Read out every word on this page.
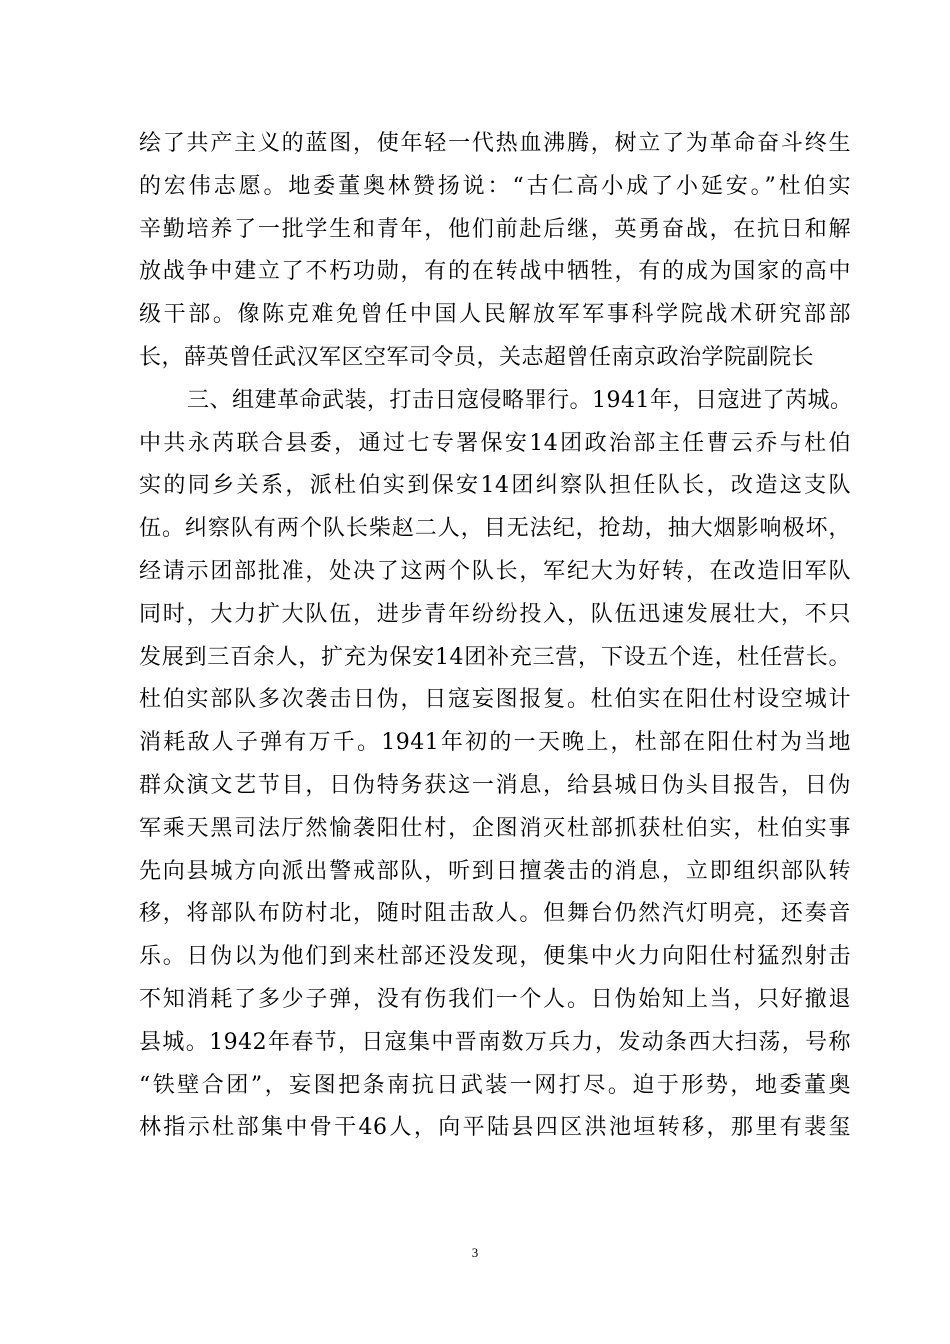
绘了共产主义的蓝图，使年轻一代热血沸腾，树立了为革命奋斗终生
的宏伟志愿。地委董奥林赞扬说：“古仁高小成了小延安。”杜伯实
辛勤培养了一批学生和青年，他们前赴后继，英勇奋战，在抗日和解
放战争中建立了不朽功勋，有的在转战中牺牲，有的成为国家的高中
级干部。像陈克难免曾任中国人民解放军军事科学院战术研究部部
长，薛英曾任武汉军区空军司令员，关志超曾任南京政治学院副院长
三、组建革命武装，打击日寇侵略罪行。1941年，日寇进了芮城。
中共永芮联合县委，通过七专署保安14团政治部主任曹云乔与杜伯
实的同乡关系，派杜伯实到保安14团纠察队担任队长，改造这支队
伍。纠察队有两个队长柴赵二人，目无法纪，抢劫，抽大烟影响极坏，
经请示团部批准，处决了这两个队长，军纪大为好转，在改造旧军队
同时，大力扩大队伍，进步青年纷纷投入，队伍迅速发展壮大，不只
发展到三百余人，扩充为保安14团补充三营，下设五个连，杜任营长。
杜伯实部队多次袭击日伪，日寇妄图报复。杜伯实在阳仕村设空城计
消耗敌人子弹有万千。1941年初的一天晚上，杜部在阳仕村为当地
群众演文艺节目，日伪特务获这一消息，给县城日伪头目报告，日伪
军乘天黑司法厅然愉袭阳仕村，企图消灭杜部抓获杜伯实，杜伯实事
先向县城方向派出警戒部队，听到日擅袭击的消息，立即组织部队转
移，将部队布防村北，随时阻击敌人。但舞台仍然汽灯明亮，还奏音
乐。日伪以为他们到来杜部还没发现，便集中火力向阳仕村猛烈射击
不知消耗了多少子弹，没有伤我们一个人。日伪始知上当，只好撤退
县城。1942年春节，日寇集中晋南数万兵力，发动条西大扫荡，号称
“铁壁合团”，妄图把条南抗日武装一网打尽。迫于形势，地委董奥
林指示杜部集中骨干46人，向平陆县四区洪池垣转移，那里有裴玺
3
